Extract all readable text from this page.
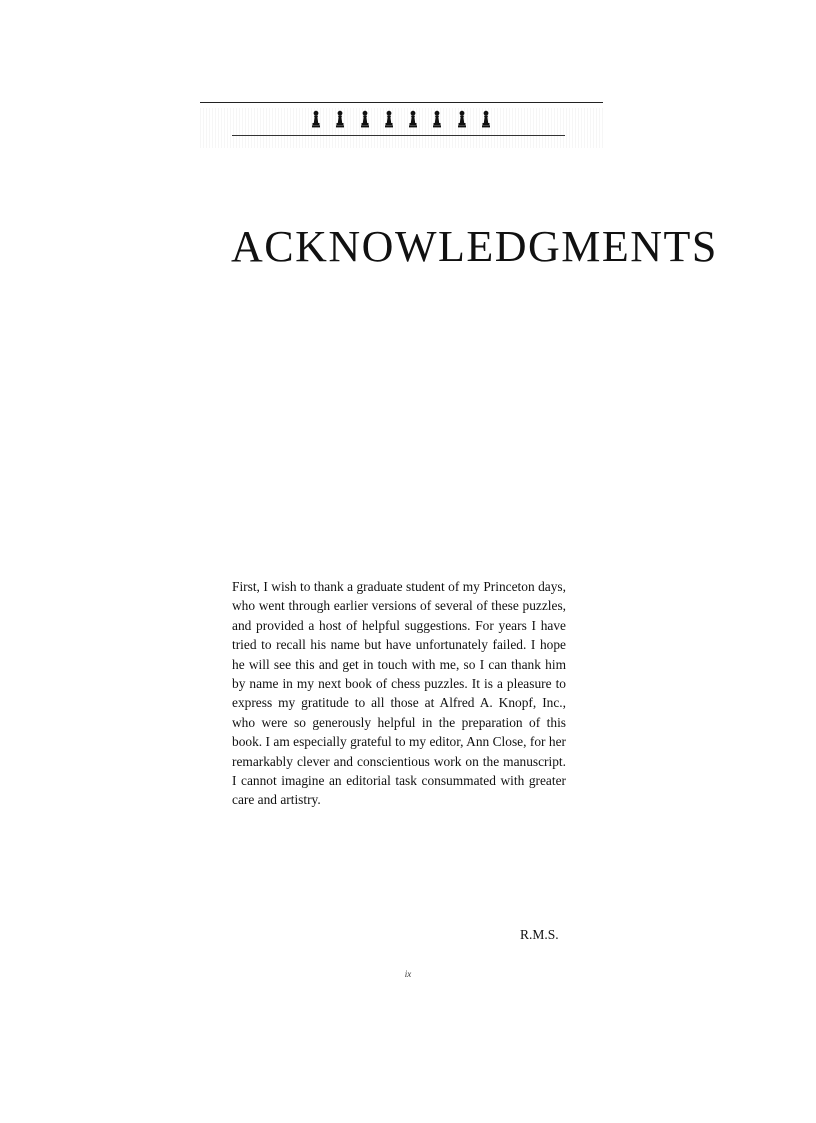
ACKNOWLEDGMENTS

First, I wish to thank a graduate student of my Princeton days, who went through earlier versions of several of these puzzles, and provided a host of helpful suggestions. For years I have tried to recall his name but have unfortunately failed. I hope he will see this and get in touch with me, so I can thank him by name in my next book of chess puzzles. It is a pleasure to express my gratitude to all those at Alfred A. Knopf, Inc., who were so generously helpful in the preparation of this book. I am especially grateful to my editor, Ann Close, for her remarkably clever and conscientious work on the manuscript. I cannot imagine an editorial task consummated with greater care and artistry.

R.M.S.

ix
